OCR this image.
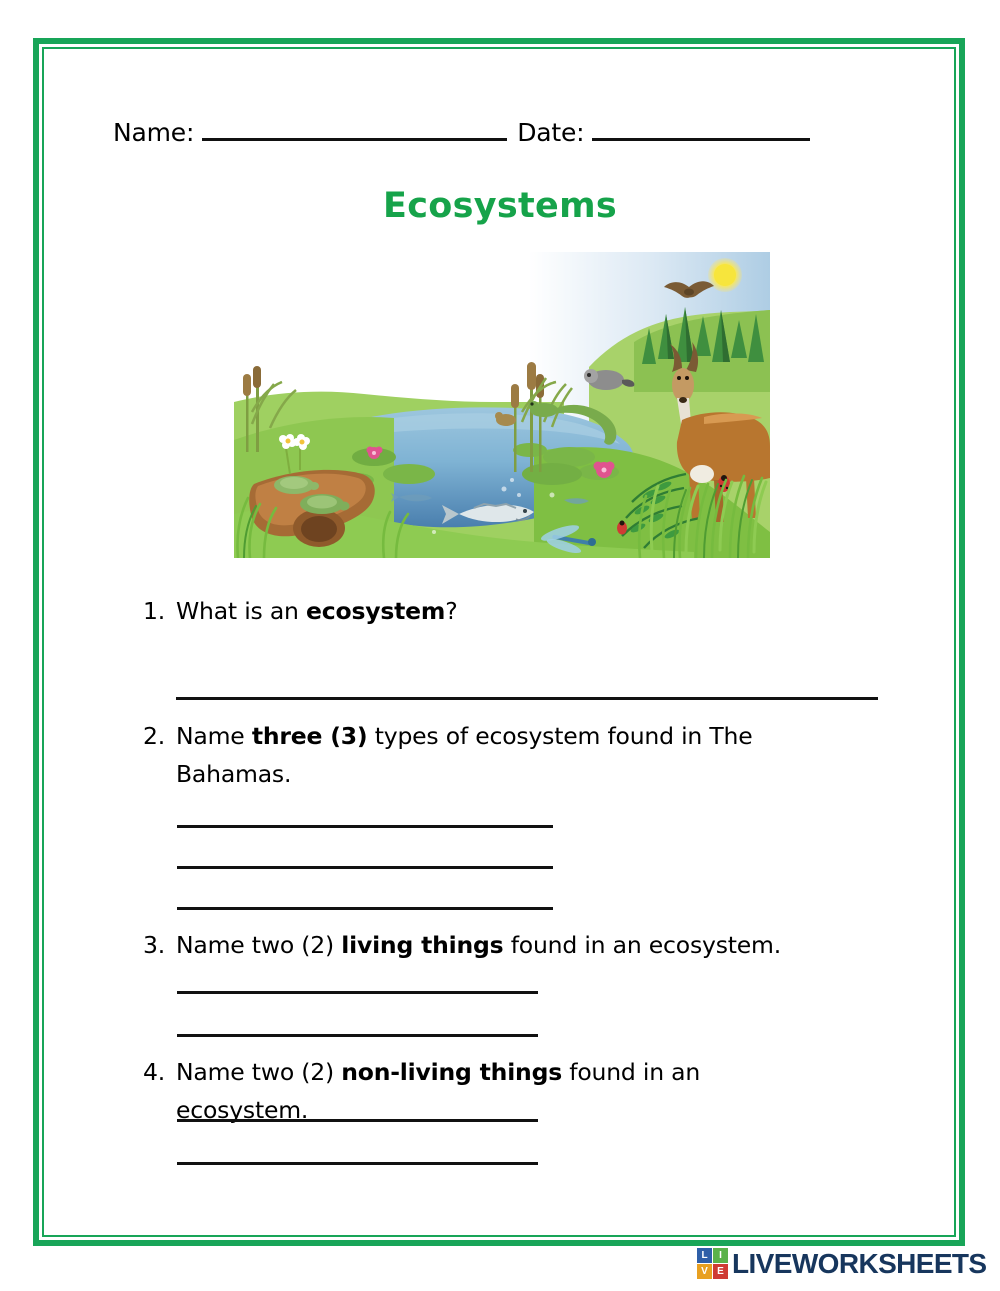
Name:	Date:
Ecosystems
1. What is an ecosystem?
2. Name three (3) types of ecosystem found in The Bahamas.
3. Name two (2) living things found in an ecosystem.
4. Name two (2) non-living things found in an ecosystem.
L	I
V E LIVEWORKSHEETS
